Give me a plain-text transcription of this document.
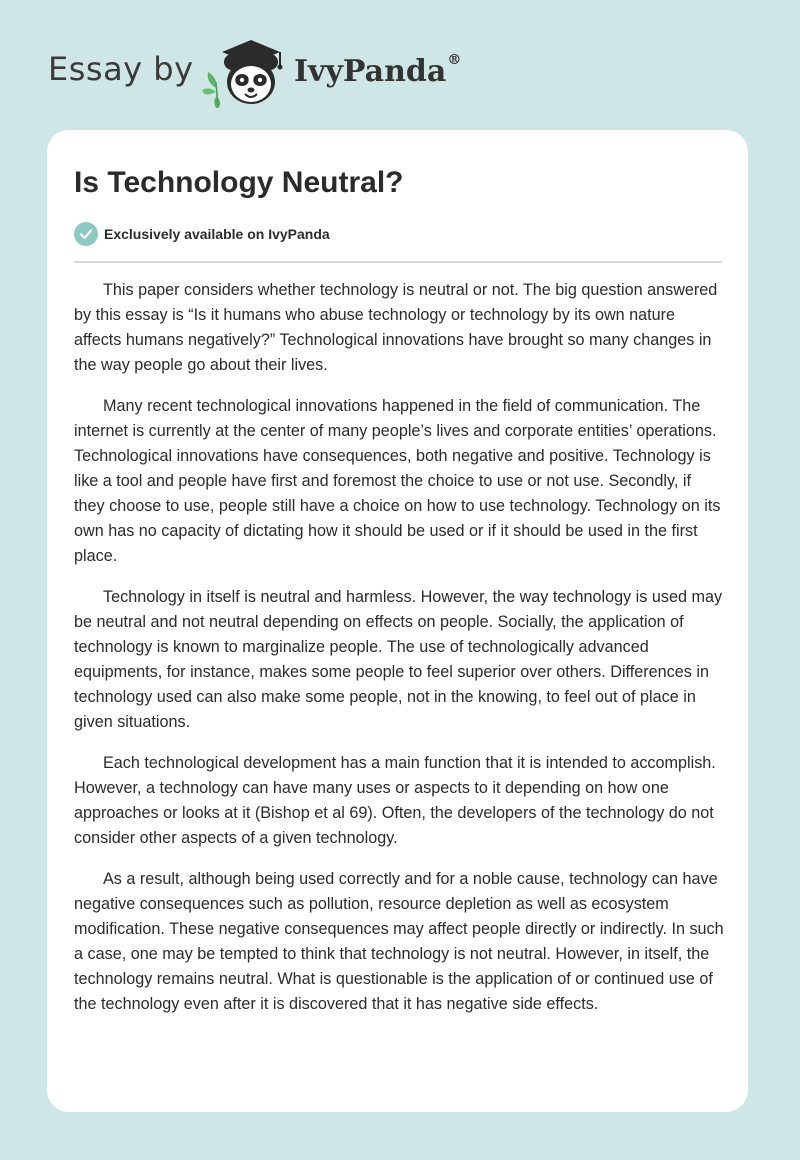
Essay by	IvyPanda®
Is Technology Neutral?
Exclusively available on IvyPanda

This paper considers whether technology is neutral or not. The big question answered by this essay is “Is it humans who abuse technology or technology by its own nature affects humans negatively?” Technological innovations have brought so many changes in the way people go about their lives.

Many recent technological innovations happened in the field of communication. The internet is currently at the center of many people’s lives and corporate entities’ operations. Technological innovations have consequences, both negative and positive. Technology is like a tool and people have first and foremost the choice to use or not use. Secondly, if they choose to use, people still have a choice on how to use technology. Technology on its own has no capacity of dictating how it should be used or if it should be used in the first place.

Technology in itself is neutral and harmless. However, the way technology is used may be neutral and not neutral depending on effects on people. Socially, the application of technology is known to marginalize people. The use of technologically advanced equipments, for instance, makes some people to feel superior over others. Differences in technology used can also make some people, not in the knowing, to feel out of place in given situations.

Each technological development has a main function that it is intended to accomplish. However, a technology can have many uses or aspects to it depending on how one approaches or looks at it (Bishop et al 69). Often, the developers of the technology do not consider other aspects of a given technology.

As a result, although being used correctly and for a noble cause, technology can have negative consequences such as pollution, resource depletion as well as ecosystem modification. These negative consequences may affect people directly or indirectly. In such a case, one may be tempted to think that technology is not neutral. However, in itself, the technology remains neutral. What is questionable is the application of or continued use of the technology even after it is discovered that it has negative side effects.
